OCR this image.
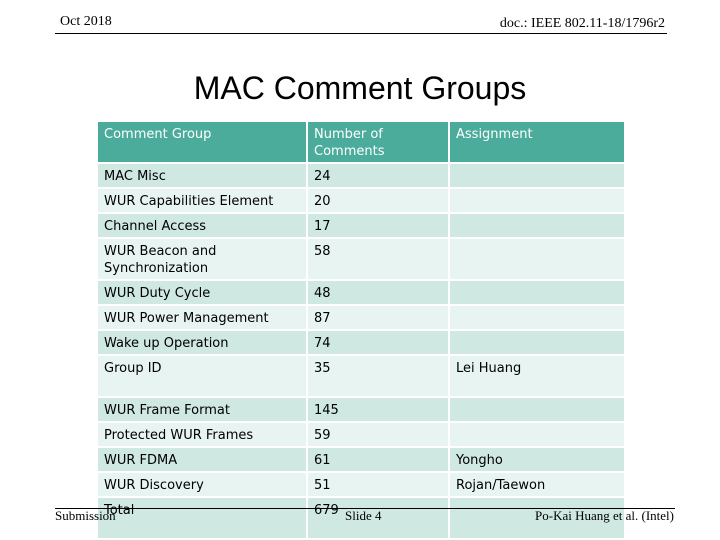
Oct 2018	doc.: IEEE 802.11-18/1796r2
MAC Comment Groups
Comment Group	Number of Comments	Assignment
MAC Misc	24	
WUR Capabilities Element	20	
Channel Access	17	
WUR Beacon and Synchronization	58	
WUR Duty Cycle	48	
WUR Power Management	87	
Wake up Operation	74	
Group ID	35	Lei Huang
WUR Frame Format	145	
Protected WUR Frames	59	
WUR FDMA	61	Yongho
WUR Discovery	51	Rojan/Taewon
Total	679	
Submission	Slide 4	Po-Kai Huang et al. (Intel)
